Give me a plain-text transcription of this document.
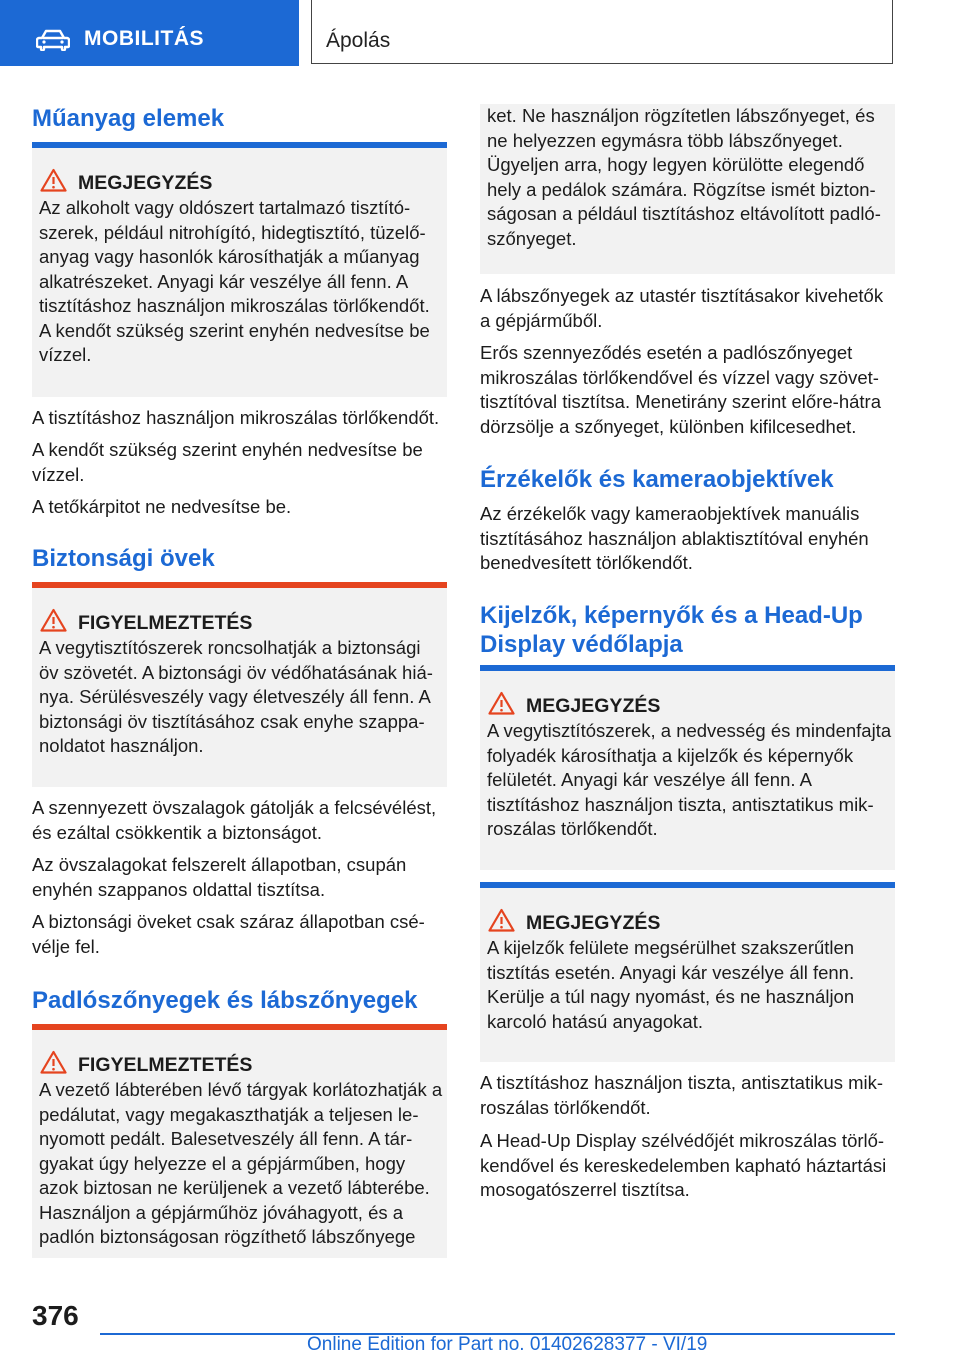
MOBILITÁS	Ápolás
Műanyag elemek
MEGJEGYZÉS
Az alkoholt vagy oldószert tartalmazó tisztítószerek, például nitrohígító, hidegtisztító, tüzelőanyag vagy hasonlók károsíthatják a műanyag alkatrészeket. Anyagi kár veszélye áll fenn. A tisztításhoz használjon mikroszálas törlőkendőt. A kendőt szükség szerint enyhén nedvesítse be vízzel.

A tisztításhoz használjon mikroszálas törlőkendőt.

A kendőt szükség szerint enyhén nedvesítse be vízzel.

A tetőkárpitot ne nedvesítse be.

Biztonsági övek
FIGYELMEZTETÉS
A vegytisztítószerek roncsolhatják a biztonsági öv szövetét. A biztonsági öv védőhatásának hiánya. Sérülésveszély vagy életveszély áll fenn. A biztonsági öv tisztításához csak enyhe szappanoldatot használjon.

A szennyezett övszalagok gátolják a felcsévélést, és ezáltal csökkentik a biztonságot.

Az övszalagokat felszerelt állapotban, csupán enyhén szappanos oldattal tisztítsa.

A biztonsági öveket csak száraz állapotban csévélje fel.

Padlószőnyegek és lábszőnyegek
FIGYELMEZTETÉS
A vezető lábterében lévő tárgyak korlátozhatják a pedálutat, vagy megakaszthatják a teljesen lenyomott pedált. Balesetveszély áll fenn. A tárgyakat úgy helyezze el a gépjárműben, hogy azok biztosan ne kerüljenek a vezető lábterébe. Használjon a gépjárműhöz jóváhagyott, és a padlón biztonságosan rögzíthető lábszőnyege
ket. Ne használjon rögzítetlen lábszőnyeget, és ne helyezzen egymásra több lábszőnyeget. Ügyeljen arra, hogy legyen körülötte elegendő hely a pedálok számára. Rögzítse ismét biztonságosan a például tisztításhoz eltávolított padlószőnyeget.

A lábszőnyegek az utastér tisztításakor kivehetők a gépjárműből.

Erős szennyeződés esetén a padlószőnyeget mikroszálas törlőkendővel és vízzel vagy szövettisztítóval tisztítsa. Menetirány szerint előre-hátra dörzsölje a szőnyeget, különben kifilcesedhet.

Érzékelők és kameraobjektívek

Az érzékelők vagy kameraobjektívek manuális tisztításához használjon ablaktisztítóval enyhén benedvesített törlőkendőt.

Kijelzők, képernyők és a Head-Up Display védőlapja
MEGJEGYZÉS
A vegytisztítószerek, a nedvesség és mindenfajta folyadék károsíthatja a kijelzők és képernyők felületét. Anyagi kár veszélye áll fenn. A tisztításhoz használjon tiszta, antisztatikus mikroszálas törlőkendőt.
MEGJEGYZÉS
A kijelzők felülete megsérülhet szakszerűtlen tisztítás esetén. Anyagi kár veszélye áll fenn. Kerülje a túl nagy nyomást, és ne használjon karcoló hatású anyagokat.

A tisztításhoz használjon tiszta, antisztatikus mikroszálas törlőkendőt.

A Head-Up Display szélvédőjét mikroszálas törlőkendővel és kereskedelemben kapható háztartási mosogatószerrel tisztítsa.

376
Online Edition for Part no. 01402628377 - VI/19
